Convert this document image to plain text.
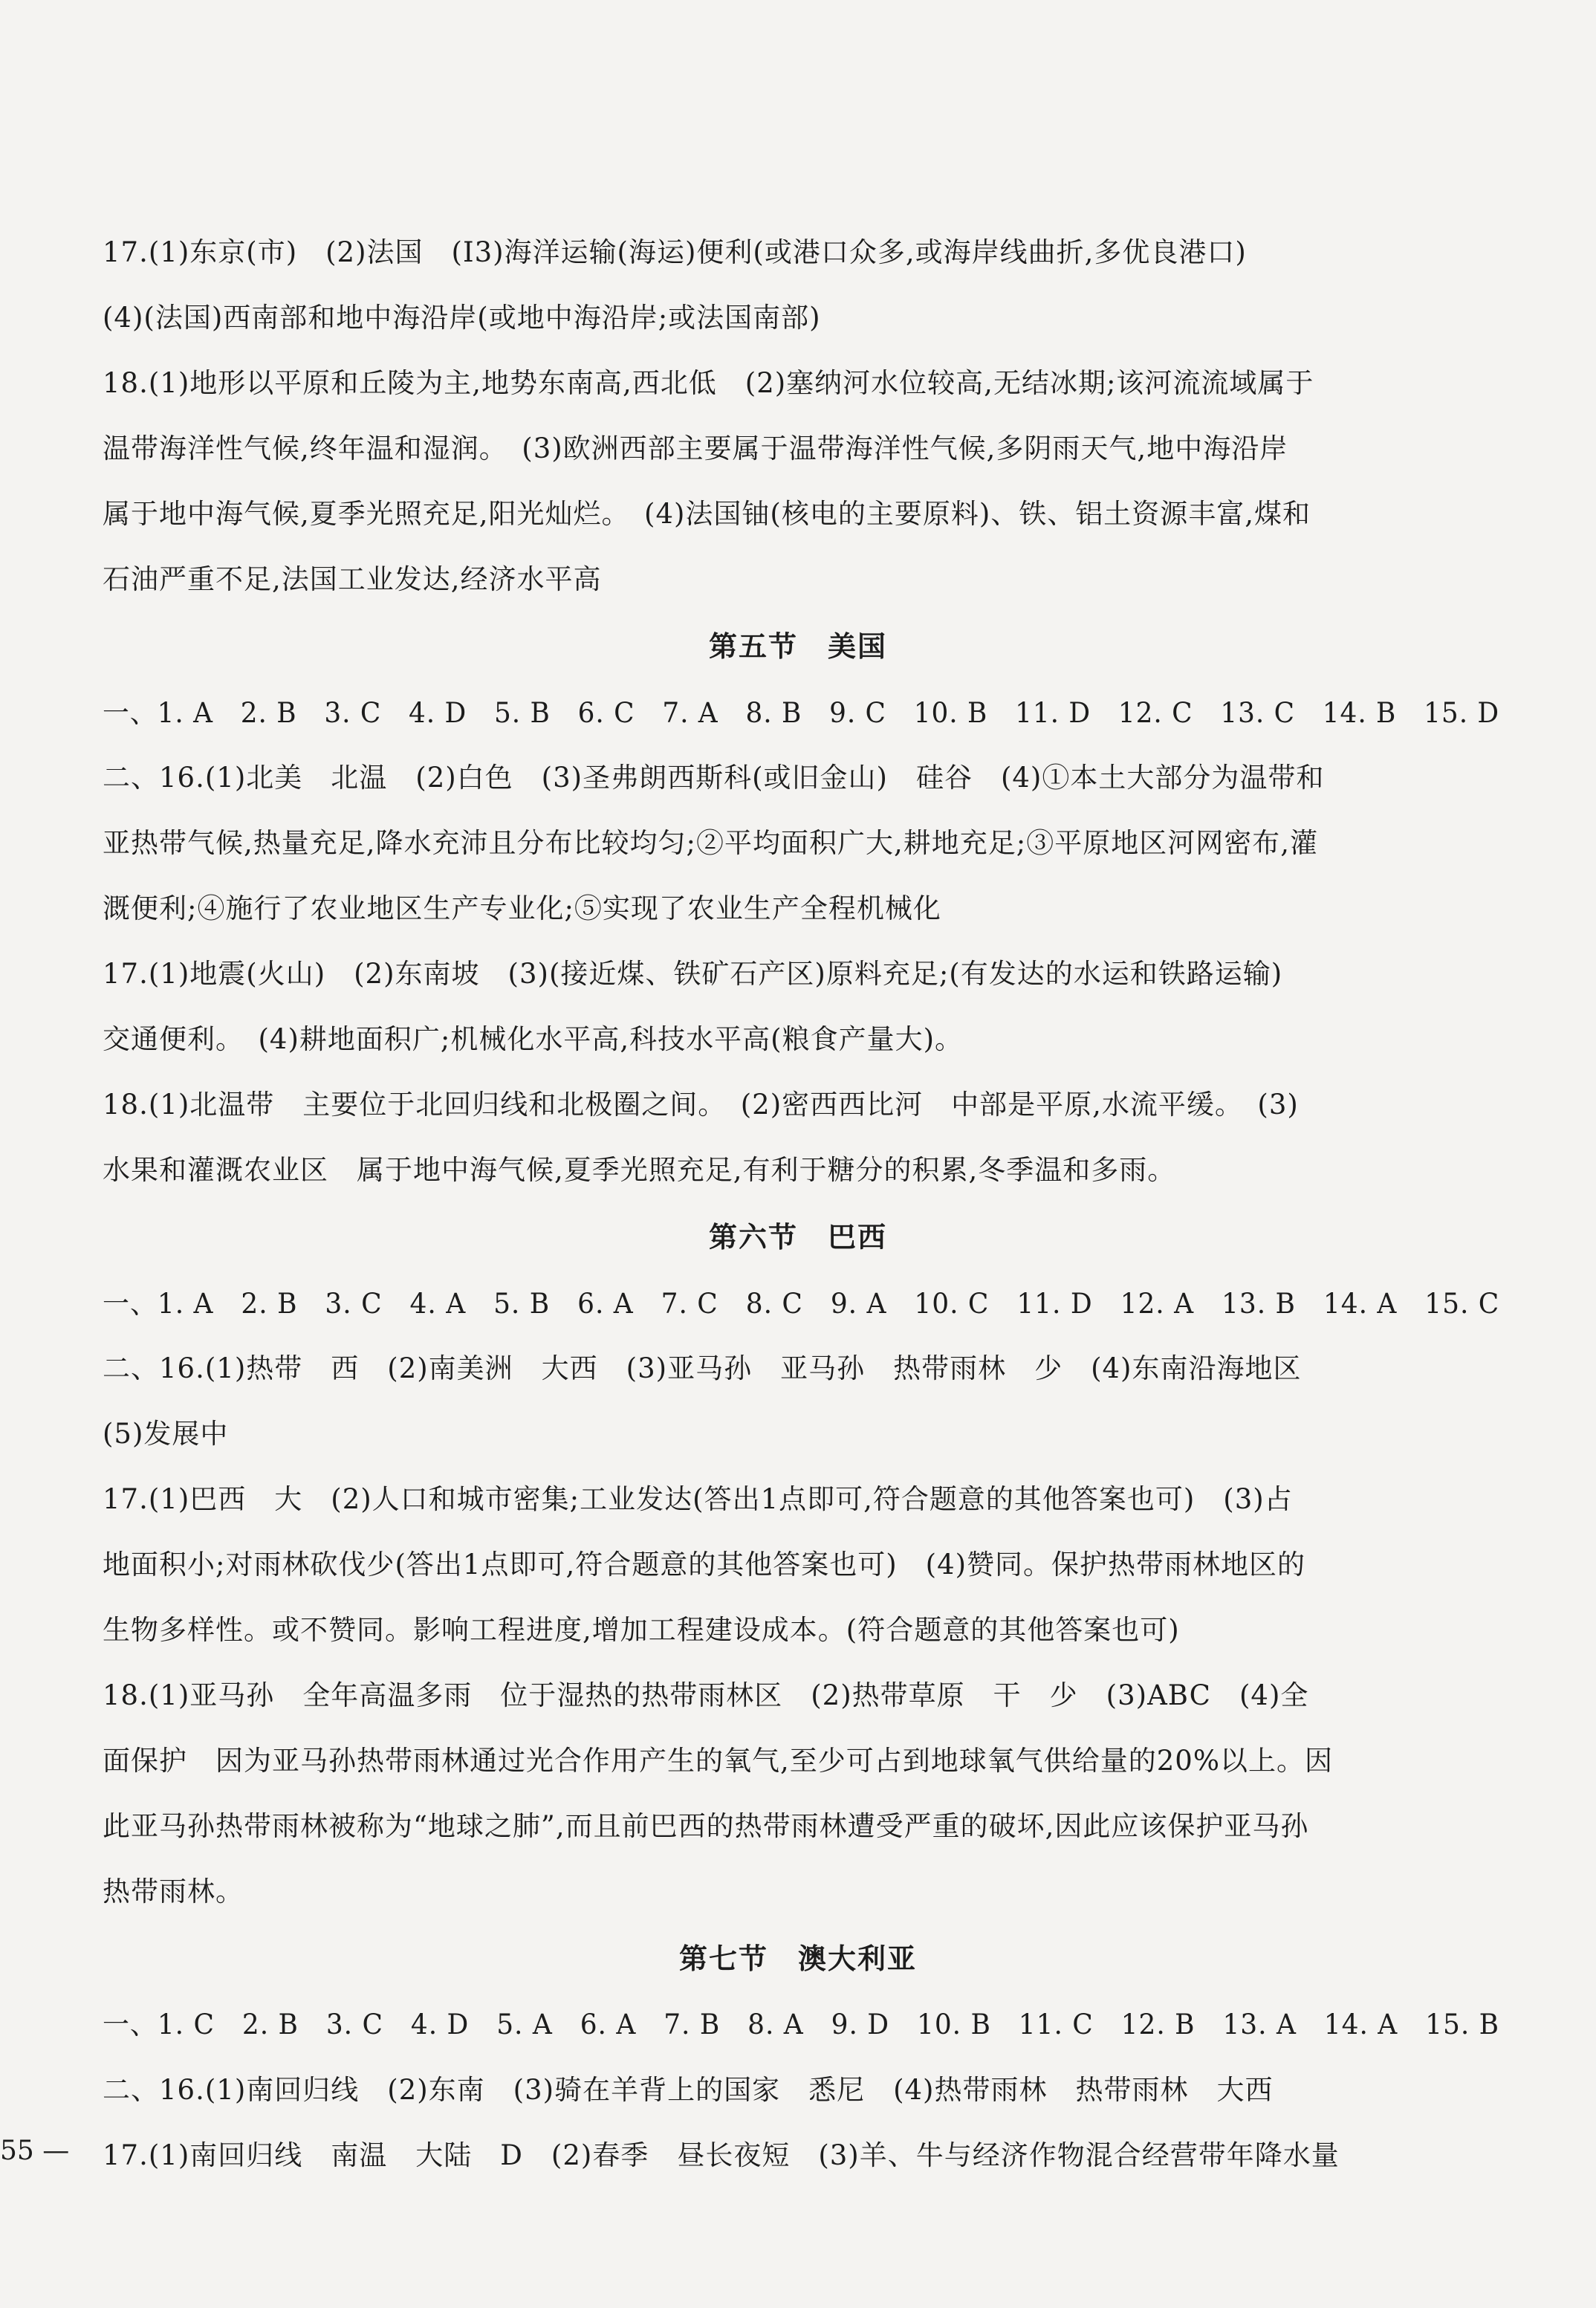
17.(1)东京(市)　(2)法国　(I3)海洋运输(海运)便利(或港口众多,或海岸线曲折,多优良港口)
(4)(法国)西南部和地中海沿岸(或地中海沿岸;或法国南部)
18.(1)地形以平原和丘陵为主,地势东南高,西北低　(2)塞纳河水位较高,无结冰期;该河流流域属于
温带海洋性气候,终年温和湿润。　(3)欧洲西部主要属于温带海洋性气候,多阴雨天气,地中海沿岸
属于地中海气候,夏季光照充足,阳光灿烂。　(4)法国铀(核电的主要原料)、铁、铝土资源丰富,煤和
石油严重不足,法国工业发达,经济水平高
第五节　美国
一、1. A　2. B　3. C　4. D　5. B　6. C　7. A　8. B　9. C　10. B　11. D　12. C　13. C　14. B　15. D
二、16.(1)北美　北温　(2)白色　(3)圣弗朗西斯科(或旧金山)　硅谷　(4)①本土大部分为温带和
亚热带气候,热量充足,降水充沛且分布比较均匀;②平均面积广大,耕地充足;③平原地区河网密布,灌
溉便利;④施行了农业地区生产专业化;⑤实现了农业生产全程机械化
17.(1)地震(火山)　(2)东南坡　(3)(接近煤、铁矿石产区)原料充足;(有发达的水运和铁路运输)
交通便利。　(4)耕地面积广;机械化水平高,科技水平高(粮食产量大)。
18.(1)北温带　主要位于北回归线和北极圈之间。　(2)密西西比河　中部是平原,水流平缓。　(3)
水果和灌溉农业区　属于地中海气候,夏季光照充足,有利于糖分的积累,冬季温和多雨。
第六节　巴西
一、1. A　2. B　3. C　4. A　5. B　6. A　7. C　8. C　9. A　10. C　11. D　12. A　13. B　14. A　15. C
二、16.(1)热带　西　(2)南美洲　大西　(3)亚马孙　亚马孙　热带雨林　少　(4)东南沿海地区
(5)发展中
17.(1)巴西　大　(2)人口和城市密集;工业发达(答出1点即可,符合题意的其他答案也可)　(3)占
地面积小;对雨林砍伐少(答出1点即可,符合题意的其他答案也可)　(4)赞同。保护热带雨林地区的
生物多样性。或不赞同。影响工程进度,增加工程建设成本。(符合题意的其他答案也可)
18.(1)亚马孙　全年高温多雨　位于湿热的热带雨林区　(2)热带草原　干　少　(3)ABC　(4)全
面保护　因为亚马孙热带雨林通过光合作用产生的氧气,至少可占到地球氧气供给量的20%以上。因
此亚马孙热带雨林被称为“地球之肺”,而且前巴西的热带雨林遭受严重的破坏,因此应该保护亚马孙
热带雨林。
第七节　澳大利亚
一、1. C　2. B　3. C　4. D　5. A　6. A　7. B　8. A　9. D　10. B　11. C　12. B　13. A　14. A　15. B
二、16.(1)南回归线　(2)东南　(3)骑在羊背上的国家　悉尼　(4)热带雨林　热带雨林　大西
17.(1)南回归线　南温　大陆　D　(2)春季　昼长夜短　(3)羊、牛与经济作物混合经营带年降水量
55 —
